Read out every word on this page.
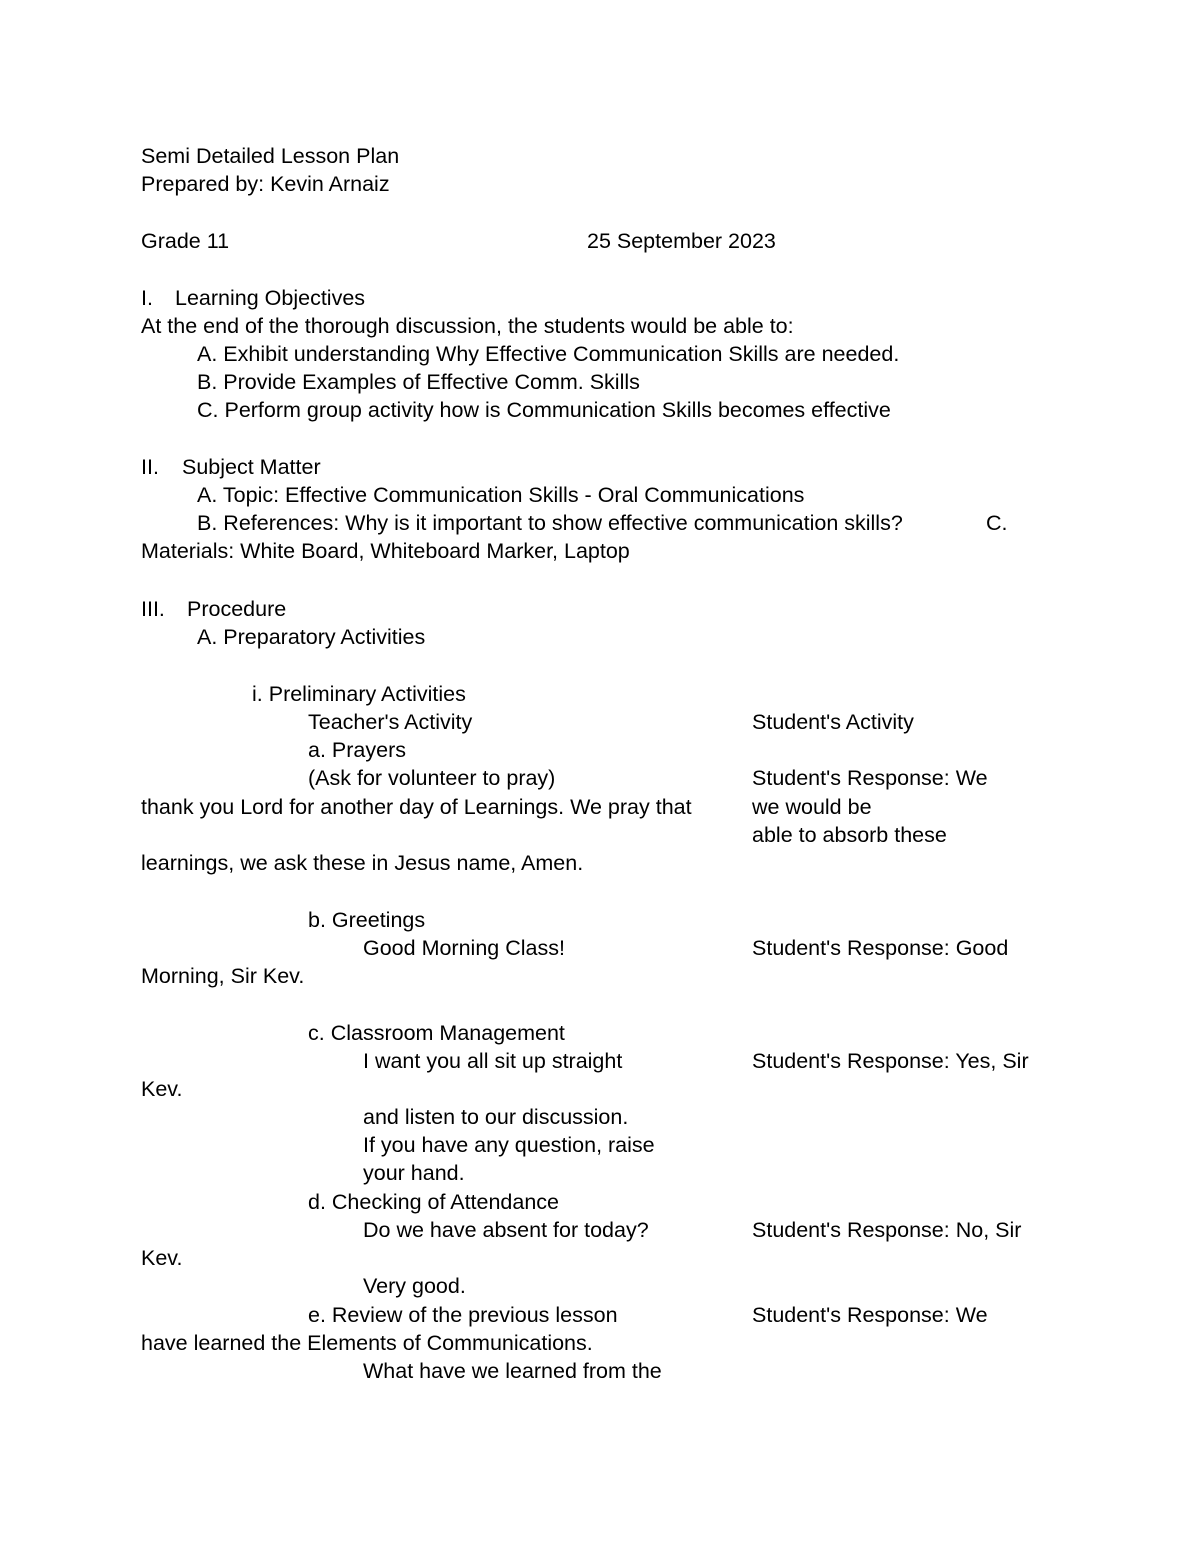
Semi Detailed Lesson Plan
Prepared by: Kevin Arnaiz
Grade 11	25 September 2023
I. Learning Objectives
At the end of the thorough discussion, the students would be able to:
A. Exhibit understanding Why Effective Communication Skills are needed.
B. Provide Examples of Effective Comm. Skills
C. Perform group activity how is Communication Skills becomes effective
II. Subject Matter
A. Topic: Effective Communication Skills - Oral Communications
B. References: Why is it important to show effective communication skills?	C.
Materials: White Board, Whiteboard Marker, Laptop
III. Procedure
A. Preparatory Activities
i. Preliminary Activities
Teacher's Activity	Student's Activity
a. Prayers
(Ask for volunteer to pray)	Student's Response: We
thank you Lord for another day of Learnings. We pray that	we would be
able to absorb these
learnings, we ask these in Jesus name, Amen.
b. Greetings
Good Morning Class!	Student's Response: Good
Morning, Sir Kev.
c. Classroom Management
I want you all sit up straight	Student's Response: Yes, Sir
Kev.
and listen to our discussion.
If you have any question, raise
your hand.
d. Checking of Attendance
Do we have absent for today?	Student's Response: No, Sir
Kev.
Very good.
e. Review of the previous lesson	Student's Response: We
have learned the Elements of Communications.
What have we learned from the
